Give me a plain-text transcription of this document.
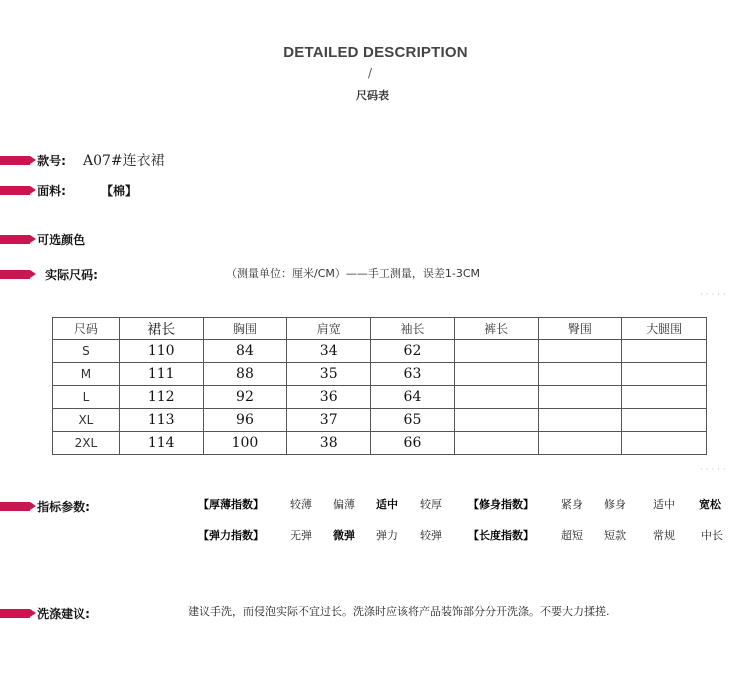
DETAILED DESCRIPTION
/
尺码表
款号: A07#连衣裙
面料:	【棉】
可选颜色
实际尺码:	（测量单位：厘米/CM）——手工测量，误差1-3CM
· · · · ·
尺码	裙长	胸围	肩宽	袖长	裤长	臀围	大腿围
S	110	84	34	62			
M	111	88	35	63			
L	112	92	36	64			
XL	113	96	37	65			
2XL	114	100	38	66			
· · · · ·
指标参数:	【厚薄指数】 较薄 偏薄 适中 较厚 【修身指数】 紧身 修身 适中 宽松
【弹力指数】 无弹 微弹 弹力 较弹 【长度指数】 超短 短款 常规 中长
洗涤建议:	建议手洗，而侵泡实际不宜过长。洗涤时应该将产品装饰部分分开洗涤。不要大力揉搓.
